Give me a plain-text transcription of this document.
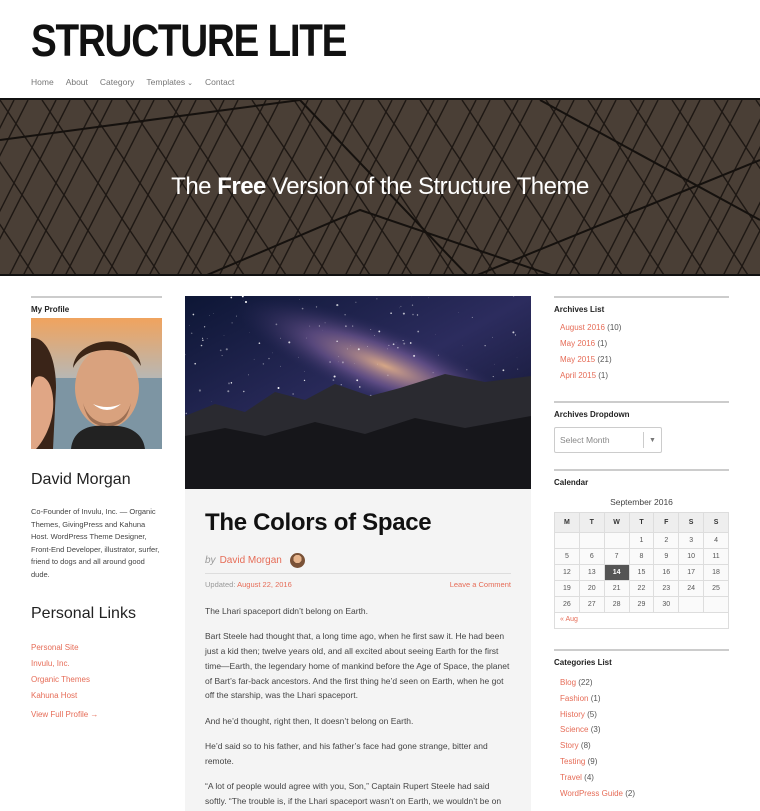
STRUCTURE LITE
Home About Category Templates ⌄ Contact
The Free Version of the Structure Theme
My Profile
David Morgan
Co-Founder of Invulu, Inc. — Organic Themes, GivingPress and Kahuna Host. WordPress Theme Designer, Front-End Developer, illustrator, surfer, friend to dogs and all around good dude.
Personal Links
Personal Site
Invulu, Inc.
Organic Themes
Kahuna Host
View Full Profile →
The Colors of Space
by David Morgan
Updated: August 22, 2016	Leave a Comment

The Lhari spaceport didn’t belong on Earth.

Bart Steele had thought that, a long time ago, when he first saw it. He had been just a kid then; twelve years old, and all excited about seeing Earth for the first time—Earth, the legendary home of mankind before the Age of Space, the planet of Bart’s far-back ancestors. And the first thing he’d seen on Earth, when he got off the starship, was the Lhari spaceport.

And he’d thought, right then, It doesn’t belong on Earth.

He’d said so to his father, and his father’s face had gone strange, bitter and remote.

“A lot of people would agree with you, Son,” Captain Rupert Steele had said softly. “The trouble is, if the Lhari spaceport wasn’t on Earth, we wouldn’t be on

Archives List
August 2016 (10)
May 2016 (1)
May 2015 (21)
April 2015 (1)
Archives Dropdown
Select Month	▼
Calendar
September 2016
M	T	W	T	F	S	S
			1	2	3	4
5	6	7	8	9	10	11
12	13	14	15	16	17	18
19	20	21	22	23	24	25
26	27	28	29	30		
« Aug
Categories List
Blog (22)
Fashion (1)
History (5)
Science (3)
Story (8)
Testing (9)
Travel (4)
WordPress Guide (2)
